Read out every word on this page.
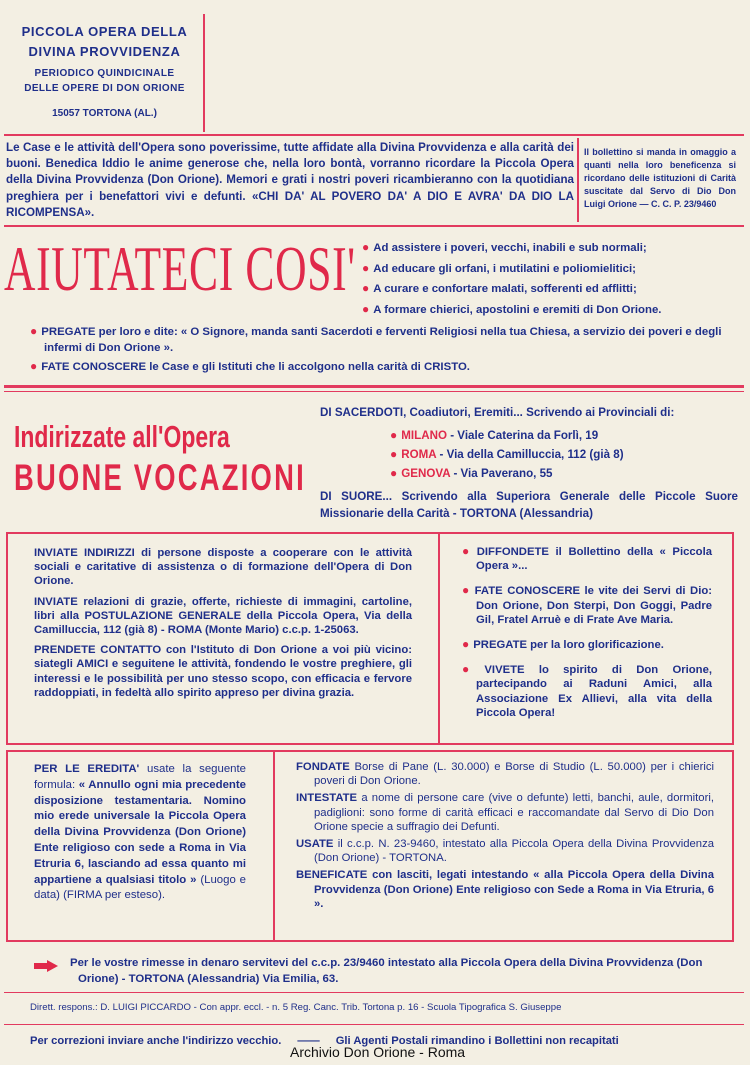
PICCOLA OPERA DELLA
DIVINA PROVVIDENZA
PERIODICO QUINDICINALE
DELLE OPERE DI DON ORIONE
15057 TORTONA (AL.)
Le Case e le attività dell'Opera sono poverissime, tutte affidate alla Divina Provvidenza e alla carità dei buoni. Benedica Iddio le anime generose che, nella loro bontà, vorranno ricordare la Piccola Opera della Divina Provvidenza (Don Orione). Memori e grati i nostri poveri ricambieranno con la quotidiana preghiera per i benefattori vivi e defunti. «CHI DA' AL POVERO DA' A DIO E AVRA' DA DIO LA RICOMPENSA».
Il bollettino si manda in omaggio a quanti nella loro beneficenza si ricordano delle istituzioni di Carità suscitate dal Servo di Dio Don Luigi Orione — C. C. P. 23/9460
AIUTATECI COSI' ● Ad assistere i poveri, vecchi, inabili e sub normali;
● Ad educare gli orfani, i mutilatini e poliomielitici;
● A curare e confortare malati, sofferenti ed afflitti;
● A formare chierici, apostolini e eremiti di Don Orione.

● PREGATE per loro e dite: « O Signore, manda santi Sacerdoti e ferventi Religiosi nella tua Chiesa, a servizio dei poveri e degli infermi di Don Orione ».

● FATE CONOSCERE le Case e gli Istituti che li accolgono nella carità di CRISTO.

Indirizzate all'Opera
BUONE VOCAZIONI
DI SACERDOTI, Coadiutori, Eremiti... Scrivendo ai Provinciali di:
● MILANO - Viale Caterina da Forlì, 19
● ROMA - Via della Camilluccia, 112 (già 8)
● GENOVA - Via Paverano, 55
DI SUORE... Scrivendo alla Superiora Generale delle Piccole Suore Missionarie della Carità - TORTONA (Alessandria)

INVIATE INDIRIZZI di persone disposte a cooperare con le attività sociali e caritative di assistenza o di formazione dell'Opera di Don Orione.

INVIATE relazioni di grazie, offerte, richieste di immagini, cartoline, libri alla POSTULAZIONE GENERALE della Piccola Opera, Via della Camilluccia, 112 (già 8) - ROMA (Monte Mario) c.c.p. 1-25063.

PRENDETE CONTATTO con l'Istituto di Don Orione a voi più vicino: siategli AMICI e seguitene le attività, fondendo le vostre preghiere, gli interessi e le possibilità per uno stesso scopo, con efficacia e fervore raddoppiati, in fedeltà allo spirito appreso per divina grazia.

● DIFFONDETE il Bollettino della « Piccola Opera »...

● FATE CONOSCERE le vite dei Servi di Dio: Don Orione, Don Sterpi, Don Goggi, Padre Gil, Fratel Arruè e di Frate Ave Maria.

● PREGATE per la loro glorificazione.

● VIVETE lo spirito di Don Orione, partecipando ai Raduni Amici, alla Associazione Ex Allievi, alla vita della Piccola Opera!

PER LE EREDITA' usate la seguente formula: « Annullo ogni mia precedente disposizione testamentaria. Nomino mio erede universale la Piccola Opera della Divina Provvidenza (Don Orione) Ente religioso con sede a Roma in Via Etruria 6, lasciando ad essa quanto mi appartiene a qualsiasi titolo » (Luogo e data) (FIRMA per esteso).

FONDATE Borse di Pane (L. 30.000) e Borse di Studio (L. 50.000) per i chierici poveri di Don Orione.

INTESTATE a nome di persone care (vive o defunte) letti, banchi, aule, dormitori, padiglioni: sono forme di carità efficaci e raccomandate dal Servo di Dio Don Orione specie a suffragio dei Defunti.

USATE il c.c.p. N. 23-9460, intestato alla Piccola Opera della Divina Provvidenza (Don Orione) - TORTONA.

BENEFICATE con lasciti, legati intestando « alla Piccola Opera della Divina Provvidenza (Don Orione) Ente religioso con Sede a Roma in Via Etruria, 6 ».

Per le vostre rimesse in denaro servitevi del c.c.p. 23/9460 intestato alla Piccola Opera della Divina Provvidenza (Don Orione) - TORTONA (Alessandria) Via Emilia, 63.

Dirett. respons.: D. LUIGI PICCARDO - Con appr. eccl. - n. 5 Reg. Canc. Trib. Tortona p. 16 - Scuola Tipografica S. Giuseppe
Per correzioni inviare anche l'indirizzo vecchio. —— Gli Agenti Postali rimandino i Bollettini non recapitati
Archivio Don Orione - Roma
